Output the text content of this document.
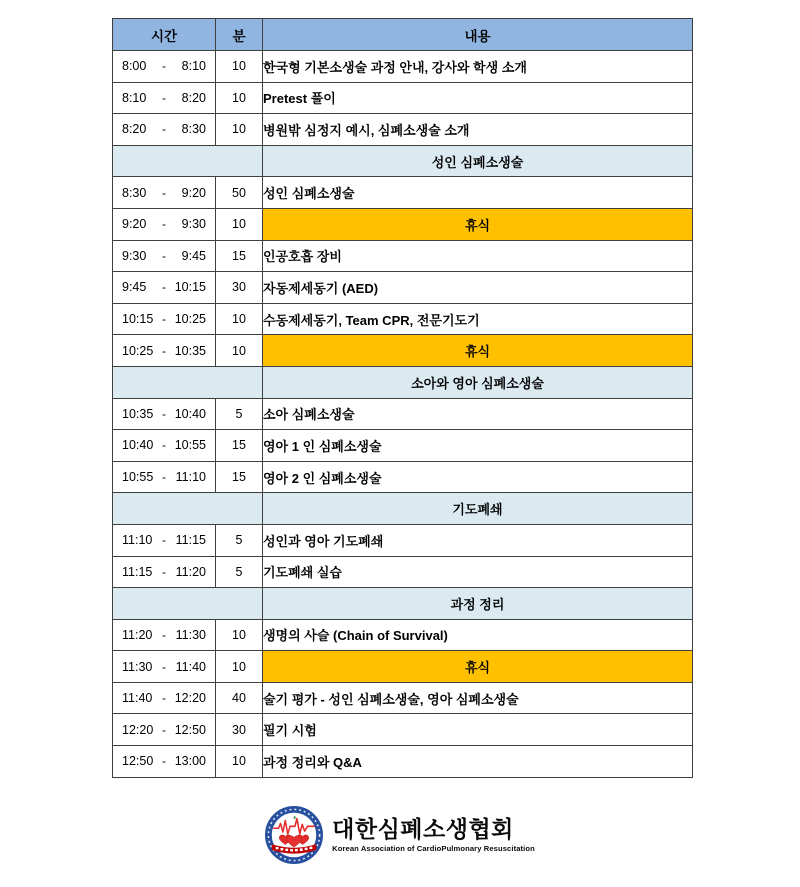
시간	분	내용

8:00 - 8:10	10	한국형 기본소생술 과정 안내, 강사와 학생 소개

8:10 - 8:20	10	Pretest 풀이

8:20 - 8:30	10	병원밖 심정지 예시, 심폐소생술 소개
		성인 심폐소생술

8:30 - 9:20	50	성인 심폐소생술

9:20 - 9:30	10	휴식

9:30 - 9:45	15	인공호흡 장비

9:45 - 10:15	30	자동제세동기 (AED)

10:15 - 10:25	10	수동제세동기, Team CPR, 전문기도기

10:25 - 10:35	10	휴식
		소아와 영아 심폐소생술

10:35 - 10:40	5	소아 심폐소생술

10:40 - 10:55	15	영아 1 인 심폐소생술

10:55 - 11:10	15	영아 2 인 심폐소생술
		기도폐쇄

11:10 - 11:15	5	성인과 영아 기도폐쇄

11:15 - 11:20	5	기도폐쇄 실습
		과정 정리

11:20 - 11:30	10	생명의 사슬 (Chain of Survival)

11:30 - 11:40	10	휴식

11:40 - 12:20	40	술기 평가 - 성인 심폐소생술, 영아 심폐소생술

12:20 - 12:50	30	필기 시험

12:50 - 13:00	10	과정 정리와 Q&A
대한심폐소생협회
Korean Association of CardioPulmonary Resuscitation
